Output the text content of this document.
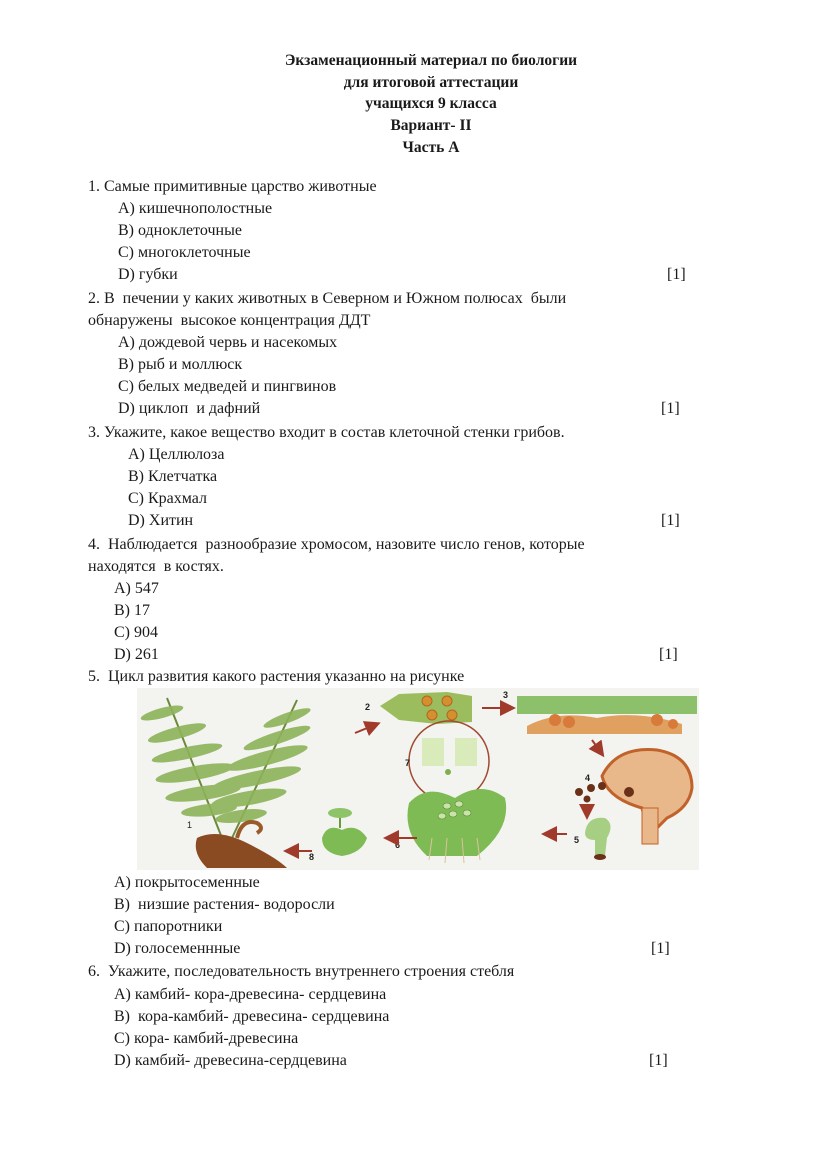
Экзаменационный материал по биологии
для итоговой аттестации
учащихся 9 класса
Вариант- II
Часть А
1. Самые примитивные царство животные
A) кишечнополостные
B) одноклеточные
C) многоклеточные
D) губки	[1]
2. В  печении у каких животных в Северном и Южном полюсах  были
обнаружены  высокое концентрация ДДТ
A) дождевой червь и насекомых
B) рыб и моллюск
C) белых медведей и пингвинов
D) циклоп  и дафний	[1]
3. Укажите, какое вещество входит в состав клеточной стенки грибов.
A) Целлюлоза
B) Клетчатка
C) Крахмал
D) Хитин	[1]
4.  Наблюдается  разнообразие хромосом, назовите число генов, которые
находятся  в костях.
A) 547
B) 17
C) 904
D) 261	[1]
5.  Цикл развития какого растения указанно на рисунке
1
2
3
4
5
7
6
8
A) покрытосеменные
B)  низшие растения- водоросли
C) папоротники
D) голосеменнные	[1]
6.  Укажите, последовательность внутреннего строения стебля
A) камбий- кора-древесина- сердцевина
B)  кора-камбий- древесина- сердцевина
C) кора- камбий-древесина
D) камбий- древесина-сердцевина	[1]
